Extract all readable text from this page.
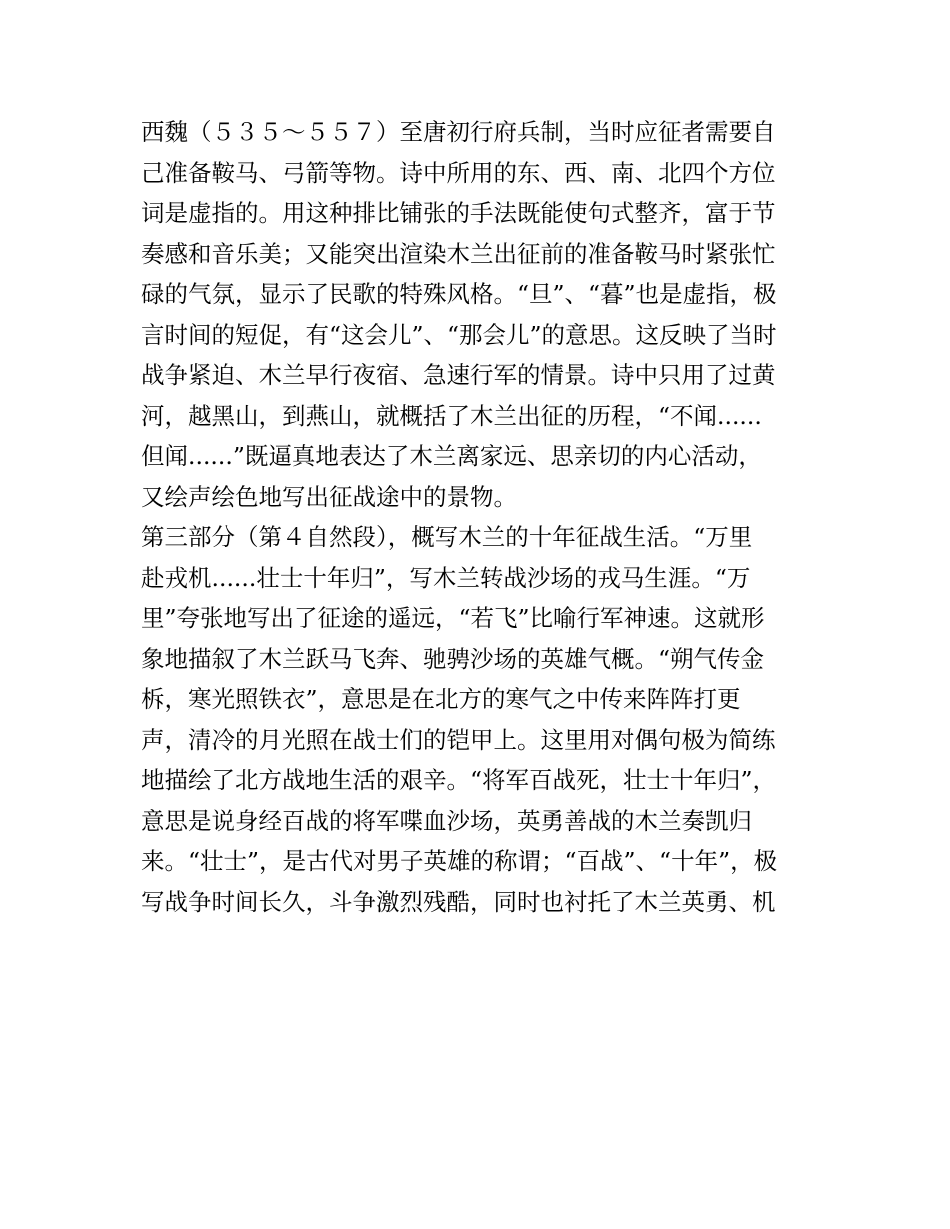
西魏（５３５～５５７）至唐初行府兵制，当时应征者需要自
己准备鞍马、弓箭等物。诗中所用的东、西、南、北四个方位
词是虚指的。用这种排比铺张的手法既能使句式整齐，富于节
奏感和音乐美；又能突出渲染木兰出征前的准备鞍马时紧张忙
碌的气氛，显示了民歌的特殊风格。“旦”、“暮”也是虚指，极
言时间的短促，有“这会儿”、“那会儿”的意思。这反映了当时
战争紧迫、木兰早行夜宿、急速行军的情景。诗中只用了过黄
河，越黑山，到燕山，就概括了木兰出征的历程，“不闻......
但闻......”既逼真地表达了木兰离家远、思亲切的内心活动，
又绘声绘色地写出征战途中的景物。
第三部分（第４自然段），概写木兰的十年征战生活。“万里
赴戎机......壮士十年归”，写木兰转战沙场的戎马生涯。“万
里”夸张地写出了征途的遥远，“若飞”比喻行军神速。这就形
象地描叙了木兰跃马飞奔、驰骋沙场的英雄气概。“朔气传金
柝，寒光照铁衣”，意思是在北方的寒气之中传来阵阵打更
声，清冷的月光照在战士们的铠甲上。这里用对偶句极为简练
地描绘了北方战地生活的艰辛。“将军百战死，壮士十年归”，
意思是说身经百战的将军喋血沙场，英勇善战的木兰奏凯归
来。“壮士”，是古代对男子英雄的称谓；“百战”、“十年”，极
写战争时间长久，斗争激烈残酷，同时也衬托了木兰英勇、机
